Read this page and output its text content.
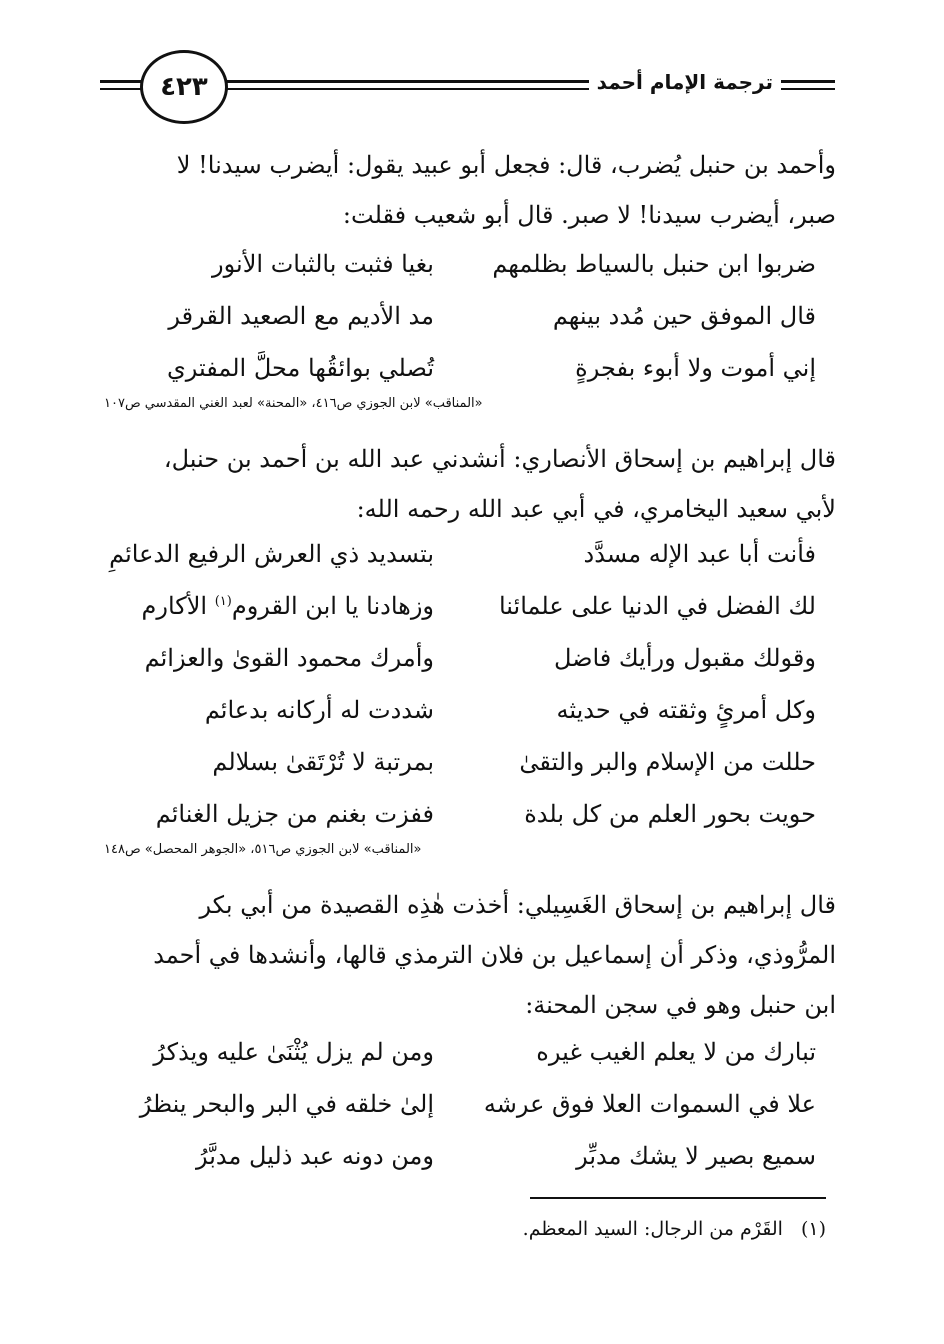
٤٢٣	ترجمة الإمام أحمد

وأحمد بن حنبل يُضرب، قال: فجعل أبو عبيد يقول: أيضرب سيدنا! لا

صبر، أيضرب سيدنا! لا صبر. قال أبو شعيب فقلت:

ضربوا ابن حنبل بالسياط بظلمهم
بغيا فثبت بالثبات الأنور
قال الموفق حين مُدد بينهم
مد الأديم مع الصعيد القرقر
إني أموت ولا أبوء بفجرةٍ
تُصلي بوائقُها محلَّ المفتري
«المناقب» لابن الجوزي ص٤١٦، «المحنة» لعبد الغني المقدسي ص١٠٧

قال إبراهيم بن إسحاق الأنصاري: أنشدني عبد الله بن أحمد بن حنبل،

لأبي سعيد اليخامري، في أبي عبد الله رحمه الله:

فأنت أبا عبد الإله مسدَّد
بتسديد ذي العرش الرفيع الدعائمِ
لك الفضل في الدنيا على علمائنا
وزهادنا يا ابن القروم$^{(١)}$ الأكارم
وقولك مقبول ورأيك فاضل
وأمرك محمود القوىٰ والعزائم
وكل أمرئٍ وثقته في حديثه
شددت له أركانه بدعائم
حللت من الإسلام والبر والتقىٰ
بمرتبة لا تُرْتَقىٰ بسلالم
حويت بحور العلم من كل بلدة
ففزت بغنم من جزيل الغنائم
«المناقب» لابن الجوزي ص٥١٦، «الجوهر المحصل» ص١٤٨

قال إبراهيم بن إسحاق الغَسِيلي: أخذت هٰذِه القصيدة من أبي بكر

المرُّوذي، وذكر أن إسماعيل بن فلان الترمذي قالها، وأنشدها في أحمد

ابن حنبل وهو في سجن المحنة:

تبارك من لا يعلم الغيب غيره
ومن لم يزل يُثْنَىٰ عليه ويذكرُ
علا في السموات العلا فوق عرشه
إلىٰ خلقه في البر والبحر ينظرُ
سميع بصير لا يشك مدبِّر
ومن دونه عبد ذليل مدبَّرُ
(١) القَرْم من الرجال: السيد المعظم.
